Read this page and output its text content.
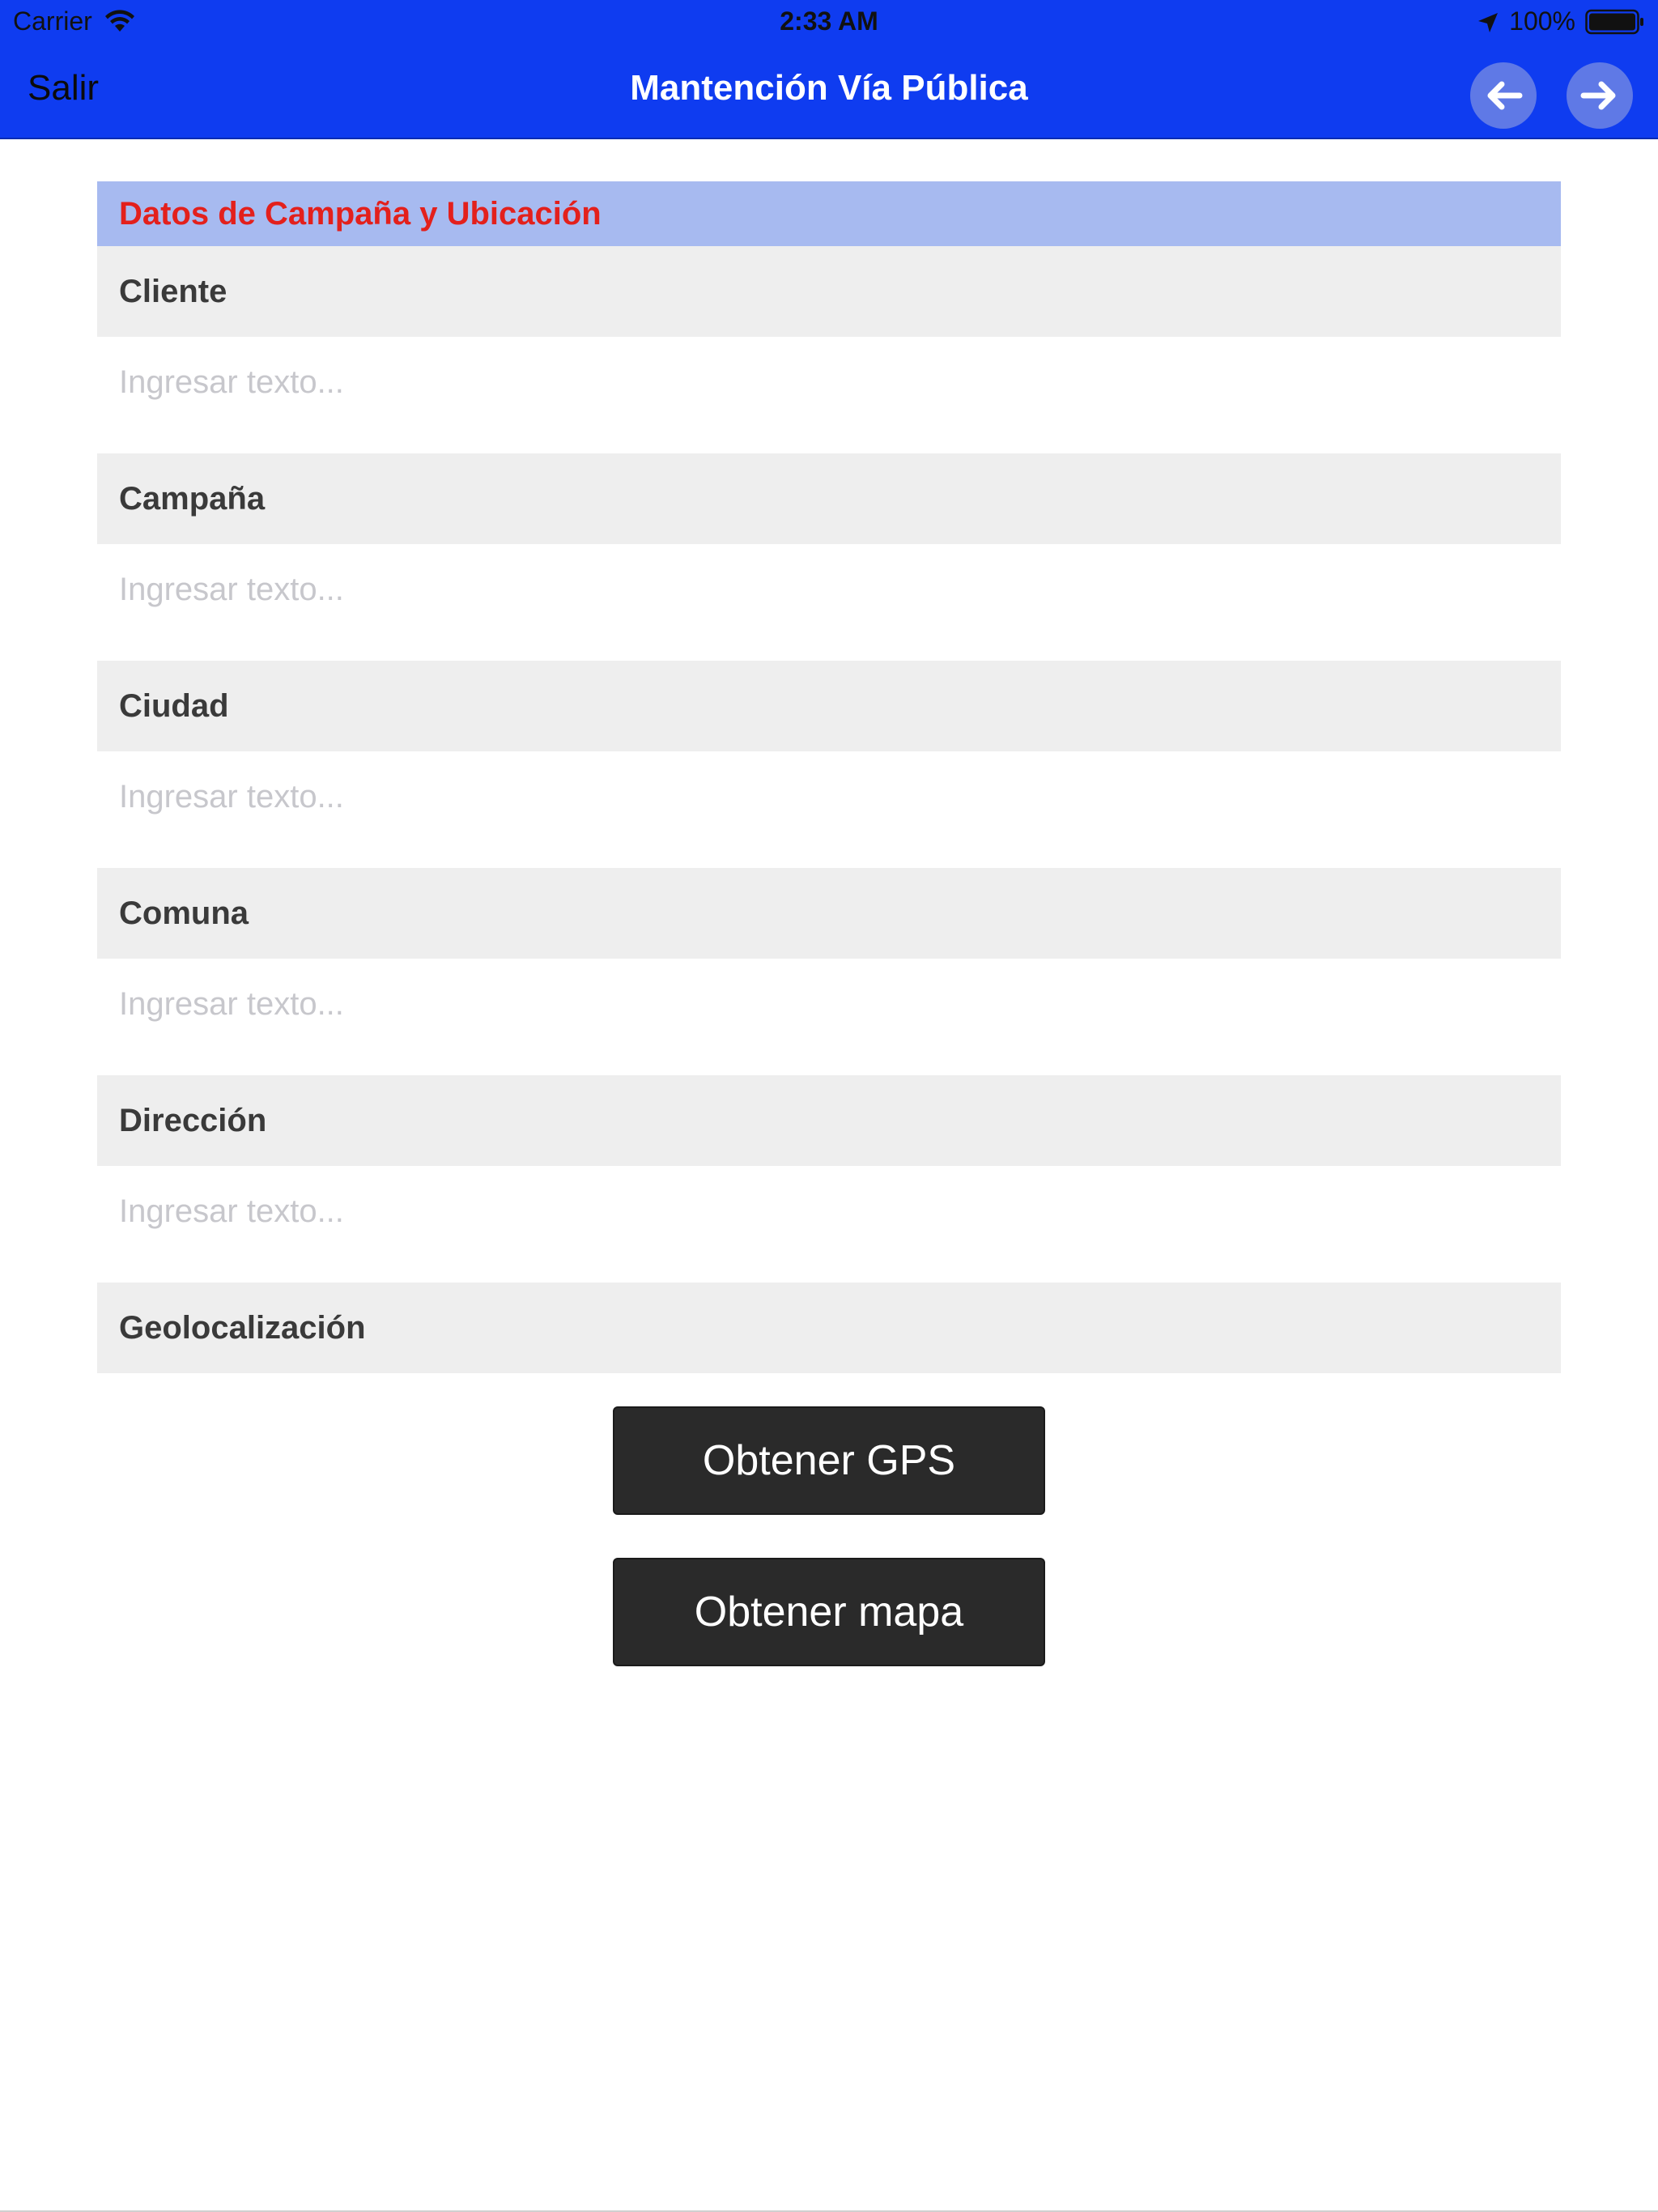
Carrier	2:33 AM	100%
Salir	Mantención Vía Pública
Datos de Campaña y Ubicación
Cliente
Ingresar texto...
Campaña
Ingresar texto...
Ciudad
Ingresar texto...
Comuna
Ingresar texto...
Dirección
Ingresar texto...
Geolocalización
Obtener GPS
Obtener mapa
